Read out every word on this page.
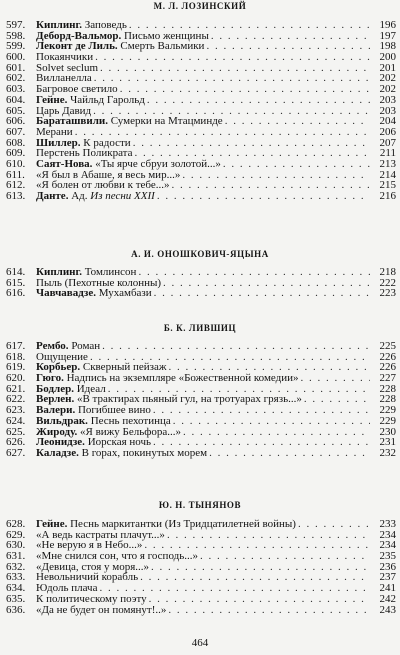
М. Л. ЛОЗИНСКИЙ
597. Киплинг. Заповедь . . .	196
598. Деборд-Вальмор. Письмо женщины . . .	197
599. Леконт де Лиль. Смерть Вальмики . . .	198
600. Покаянчики . . .	200
601. Solvet seclum . . .	201
602. Вилланелла . . .	202
603. Багровое светило . . .	202
604. Гейне. Чайльд Гарольд . . .	203
605. Царь Давид . . .	203
606. Бараташвили. Сумерки на Мтацминде . . .	204
607. Мерани . . .	206
608. Шиллер. К радости . . .	207
609. Перстень Поликрата . . .	211
610. Саят-Нова. «Ты ярче сбруи золотой...» . . .	213
611.	«Я был в Абаше, я весь мир...» . . .	214
612. «Я болен от любви к тебе...» . . .	215
613. Данте. Ад. Из песни XXII . . .	216
А. И. ОНОШКОВИЧ-ЯЦЫНА
614. Киплинг. Томлинсон . . .	218
615. Пыль (Пехотные колонны) . . .	222
616. Чавчавадзе. Мухамбази . . .	223
Б. К. ЛИВШИЦ
617. Рембо. Роман . . .	225
618. Ощущение . . .	226
619. Корбьер. Скверный пейзаж . . .	226
620. Гюго. Надпись на экземпляре «Божественной комедии» . . .	227
621. Бодлер. Идеал . . .	228
622. Верлен. «В трактирах пьяный гул, на тротуарах грязь...» . . .	228
623. Валери. Погибшее вино . . .	229
624. Вильдрак. Песнь пехотинца . . .	229
625. Жироду. «Я вижу Бельфора...» . . .	230
626. Леонидзе. Иорская ночь . . .	231
627. Каладзе. В горах, покинутых морем . . .	232
Ю. Н. ТЫНЯНОВ
628. Гейне. Песнь маркитантки (Из Тридцатилетней войны) . . .	233
629. «А ведь кастраты плачут...» . . .	234
630. «Не верую я в Небо...» . . .	234
631. «Мне снился сон, что я господь...» . . .	235
632. «Девица, стоя у моря...» . . .	236
633. Невольничий корабль . . .	237
634. Юдоль плача . . .	241
635. К политическому поэту . . .	242
636. «Да не будет он помянут!..» . . .	243
464
